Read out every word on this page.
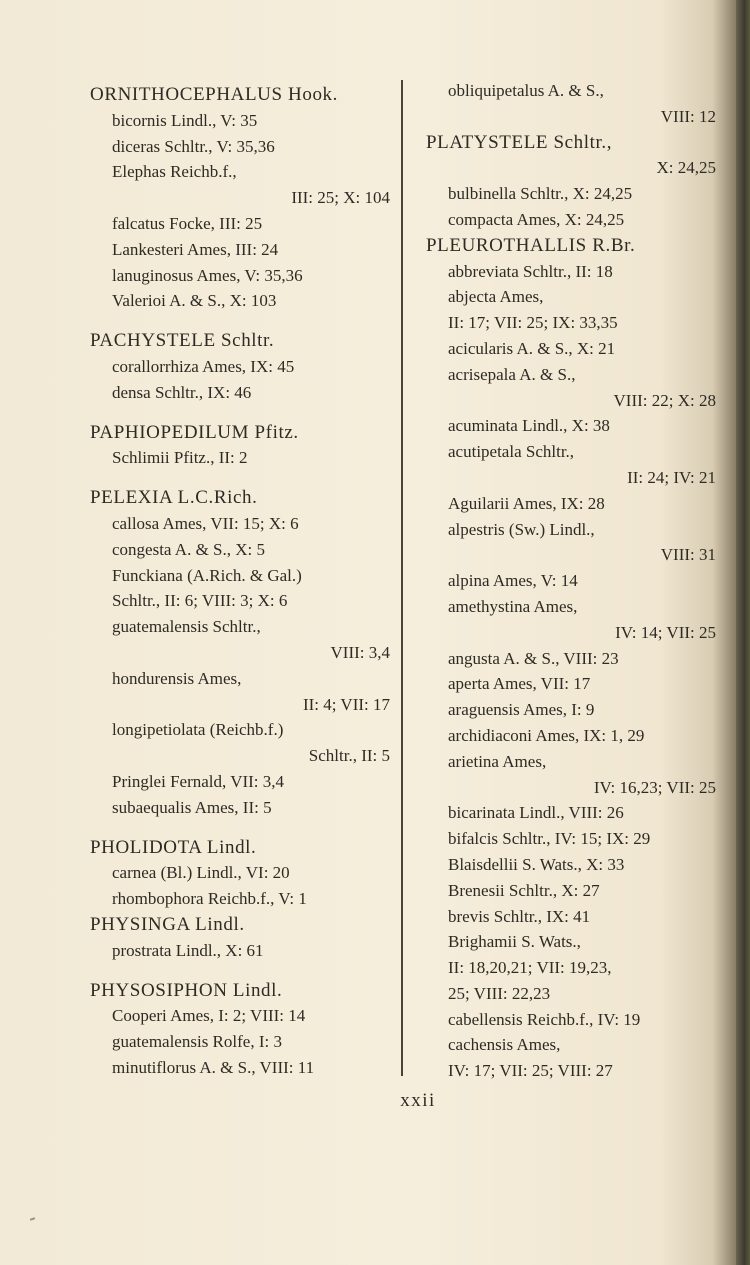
ORNITHOCEPHALUS Hook.
bicornis Lindl., V: 35
diceras Schltr., V: 35,36
Elephas Reichb.f.,
III: 25; X: 104
falcatus Focke, III: 25
Lankesteri Ames, III: 24
lanuginosus Ames, V: 35,36
Valerioi A. & S., X: 103
PACHYSTELE Schltr.
corallorrhiza Ames, IX: 45
densa Schltr., IX: 46
PAPHIOPEDILUM Pfitz.
Schlimii Pfitz., II: 2
PELEXIA L.C.Rich.
callosa Ames, VII: 15; X: 6
congesta A. & S., X: 5
Funckiana (A.Rich. & Gal.)
Schltr., II: 6; VIII: 3; X: 6
guatemalensis Schltr.,
VIII: 3,4
hondurensis Ames,
II: 4; VII: 17
longipetiolata (Reichb.f.)
Schltr., II: 5
Pringlei Fernald, VII: 3,4
subaequalis Ames, II: 5
PHOLIDOTA Lindl.
carnea (Bl.) Lindl., VI: 20
rhombophora Reichb.f., V: 1
PHYSINGA Lindl.
prostrata Lindl., X: 61
PHYSOSIPHON Lindl.
Cooperi Ames, I: 2; VIII: 14
guatemalensis Rolfe, I: 3
minutiflorus A. & S., VIII: 11
obliquipetalus A. & S.,
VIII: 12
PLATYSTELE Schltr.,
X: 24,25
bulbinella Schltr., X: 24,25
compacta Ames, X: 24,25
PLEUROTHALLIS R.Br.
abbreviata Schltr., II: 18
abjecta Ames,
II: 17; VII: 25; IX: 33,35
acicularis A. & S., X: 21
acrisepala A. & S.,
VIII: 22; X: 28
acuminata Lindl., X: 38
acutipetala Schltr.,
II: 24; IV: 21
Aguilarii Ames, IX: 28
alpestris (Sw.) Lindl.,
VIII: 31
alpina Ames, V: 14
amethystina Ames,
IV: 14; VII: 25
angusta A. & S., VIII: 23
aperta Ames, VII: 17
araguensis Ames, I: 9
archidiaconi Ames, IX: 1, 29
arietina Ames,
IV: 16,23; VII: 25
bicarinata Lindl., VIII: 26
bifalcis Schltr., IV: 15; IX: 29
Blaisdellii S. Wats., X: 33
Brenesii Schltr., X: 27
brevis Schltr., IX: 41
Brighamii S. Wats.,
II: 18,20,21; VII: 19,23,
25; VIII: 22,23
cabellensis Reichb.f., IV: 19
cachensis Ames,
IV: 17; VII: 25; VIII: 27
xxii
